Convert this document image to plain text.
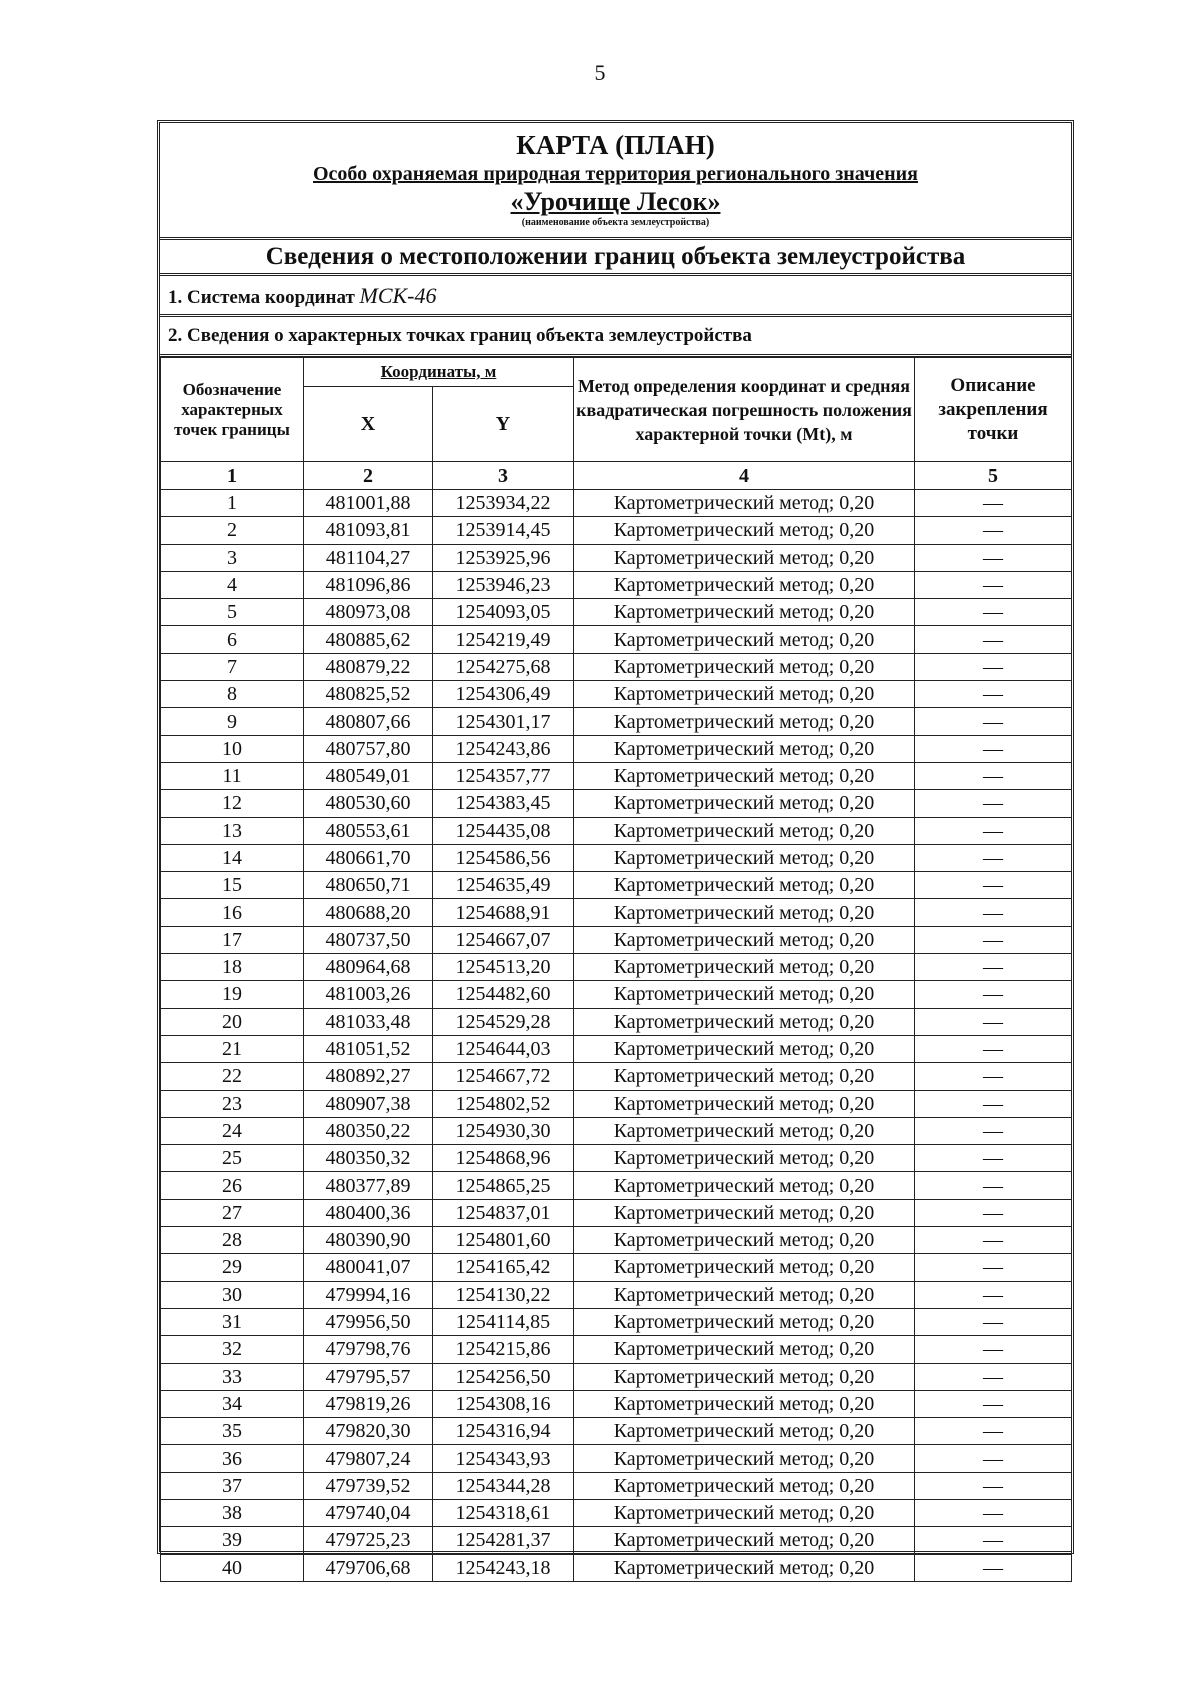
5
КАРТА (ПЛАН)
Особо охраняемая природная территория регионального значения
«Урочище Лесок»
(наименование объекта землеустройства)
Сведения о местоположении границ объекта землеустройства
1. Система координат МСК-46
2. Сведения о характерных точках границ объекта землеустройства
Обозначение характерных точек границы	Координаты, м		Метод определения координат и средняя квадратическая погрешность положения характерной точки (Mt), м	Описание закрепления точки
	X	Y		
1	2	3	4	5
1	481001,88	1253934,22	Картометрический метод; 0,20	—
2	481093,81	1253914,45	Картометрический метод; 0,20	—
3	481104,27	1253925,96	Картометрический метод; 0,20	—
4	481096,86	1253946,23	Картометрический метод; 0,20	—
5	480973,08	1254093,05	Картометрический метод; 0,20	—
6	480885,62	1254219,49	Картометрический метод; 0,20	—
7	480879,22	1254275,68	Картометрический метод; 0,20	—
8	480825,52	1254306,49	Картометрический метод; 0,20	—
9	480807,66	1254301,17	Картометрический метод; 0,20	—
10	480757,80	1254243,86	Картометрический метод; 0,20	—
11	480549,01	1254357,77	Картометрический метод; 0,20	—
12	480530,60	1254383,45	Картометрический метод; 0,20	—
13	480553,61	1254435,08	Картометрический метод; 0,20	—
14	480661,70	1254586,56	Картометрический метод; 0,20	—
15	480650,71	1254635,49	Картометрический метод; 0,20	—
16	480688,20	1254688,91	Картометрический метод; 0,20	—
17	480737,50	1254667,07	Картометрический метод; 0,20	—
18	480964,68	1254513,20	Картометрический метод; 0,20	—
19	481003,26	1254482,60	Картометрический метод; 0,20	—
20	481033,48	1254529,28	Картометрический метод; 0,20	—
21	481051,52	1254644,03	Картометрический метод; 0,20	—
22	480892,27	1254667,72	Картометрический метод; 0,20	—
23	480907,38	1254802,52	Картометрический метод; 0,20	—
24	480350,22	1254930,30	Картометрический метод; 0,20	—
25	480350,32	1254868,96	Картометрический метод; 0,20	—
26	480377,89	1254865,25	Картометрический метод; 0,20	—
27	480400,36	1254837,01	Картометрический метод; 0,20	—
28	480390,90	1254801,60	Картометрический метод; 0,20	—
29	480041,07	1254165,42	Картометрический метод; 0,20	—
30	479994,16	1254130,22	Картометрический метод; 0,20	—
31	479956,50	1254114,85	Картометрический метод; 0,20	—
32	479798,76	1254215,86	Картометрический метод; 0,20	—
33	479795,57	1254256,50	Картометрический метод; 0,20	—
34	479819,26	1254308,16	Картометрический метод; 0,20	—
35	479820,30	1254316,94	Картометрический метод; 0,20	—
36	479807,24	1254343,93	Картометрический метод; 0,20	—
37	479739,52	1254344,28	Картометрический метод; 0,20	—
38	479740,04	1254318,61	Картометрический метод; 0,20	—
39	479725,23	1254281,37	Картометрический метод; 0,20	—
40	479706,68	1254243,18	Картометрический метод; 0,20	—
